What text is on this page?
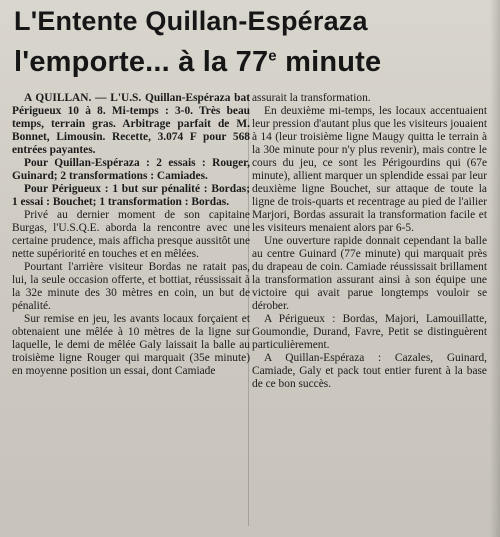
L'Entente Quillan-Espéraza
l'emporte... à la 77e minute

A QUILLAN. — L'U.S. Quillan-Espéraza bat Périgueux 10 à 8. Mi-temps : 3-0. Très beau temps, terrain gras. Arbitrage parfait de M. Bonnet, Limousin. Recette, 3.074 F pour 568 entrées payantes.

Pour Quillan-Espéraza : 2 essais : Rouger, Guinard; 2 transformations : Camiades.

Pour Périgueux : 1 but sur pénalité : Bordas; 1 essai : Bouchet; 1 transformation : Bordas.

Privé au dernier moment de son capitaine Burgas, l'U.S.Q.E. aborda la rencontre avec une certaine prudence, mais afficha presque aussitôt une nette supériorité en touches et en mêlées.

Pourtant l'arrière visiteur Bordas ne ratait pas, lui, la seule occasion offerte, et bottiat, réussissait à la 32e minute des 30 mètres en coin, un but de pénalité.

Sur remise en jeu, les avants locaux forçaient et obtenaient une mêlée à 10 mètres de la ligne sur laquelle, le demi de mêlée Galy laissait la balle au troisième ligne Rouger qui marquait (35e minute) en moyenne position un essai, dont Camiade

assurait la transformation.

En deuxième mi-temps, les locaux accentuaient leur pression d'autant plus que les visiteurs jouaient à 14 (leur troisième ligne Maugy quitta le terrain à la 30e minute pour n'y plus revenir), mais contre le cours du jeu, ce sont les Périgourdins qui (67e minute), allient marquer un splendide essai par leur deuxième ligne Bouchet, sur attaque de toute la ligne de trois-quarts et recentrage au pied de l'ailier Marjori, Bordas assurait la transformation facile et les visiteurs menaient alors par 6-5.

Une ouverture rapide donnait cependant la balle au centre Guinard (77e minute) qui marquait près du drapeau de coin. Camiade réussissait brillament la transformation assurant ainsi à son équipe une victoire qui avait parue longtemps vouloir se dérober.

A Périgueux : Bordas, Majori, Lamouillatte, Goumondie, Durand, Favre, Petit se distinguèrent particulièrement.

A Quillan-Espéraza : Cazales, Guinard, Camiade, Galy et pack tout entier furent à la base de ce bon succès.
